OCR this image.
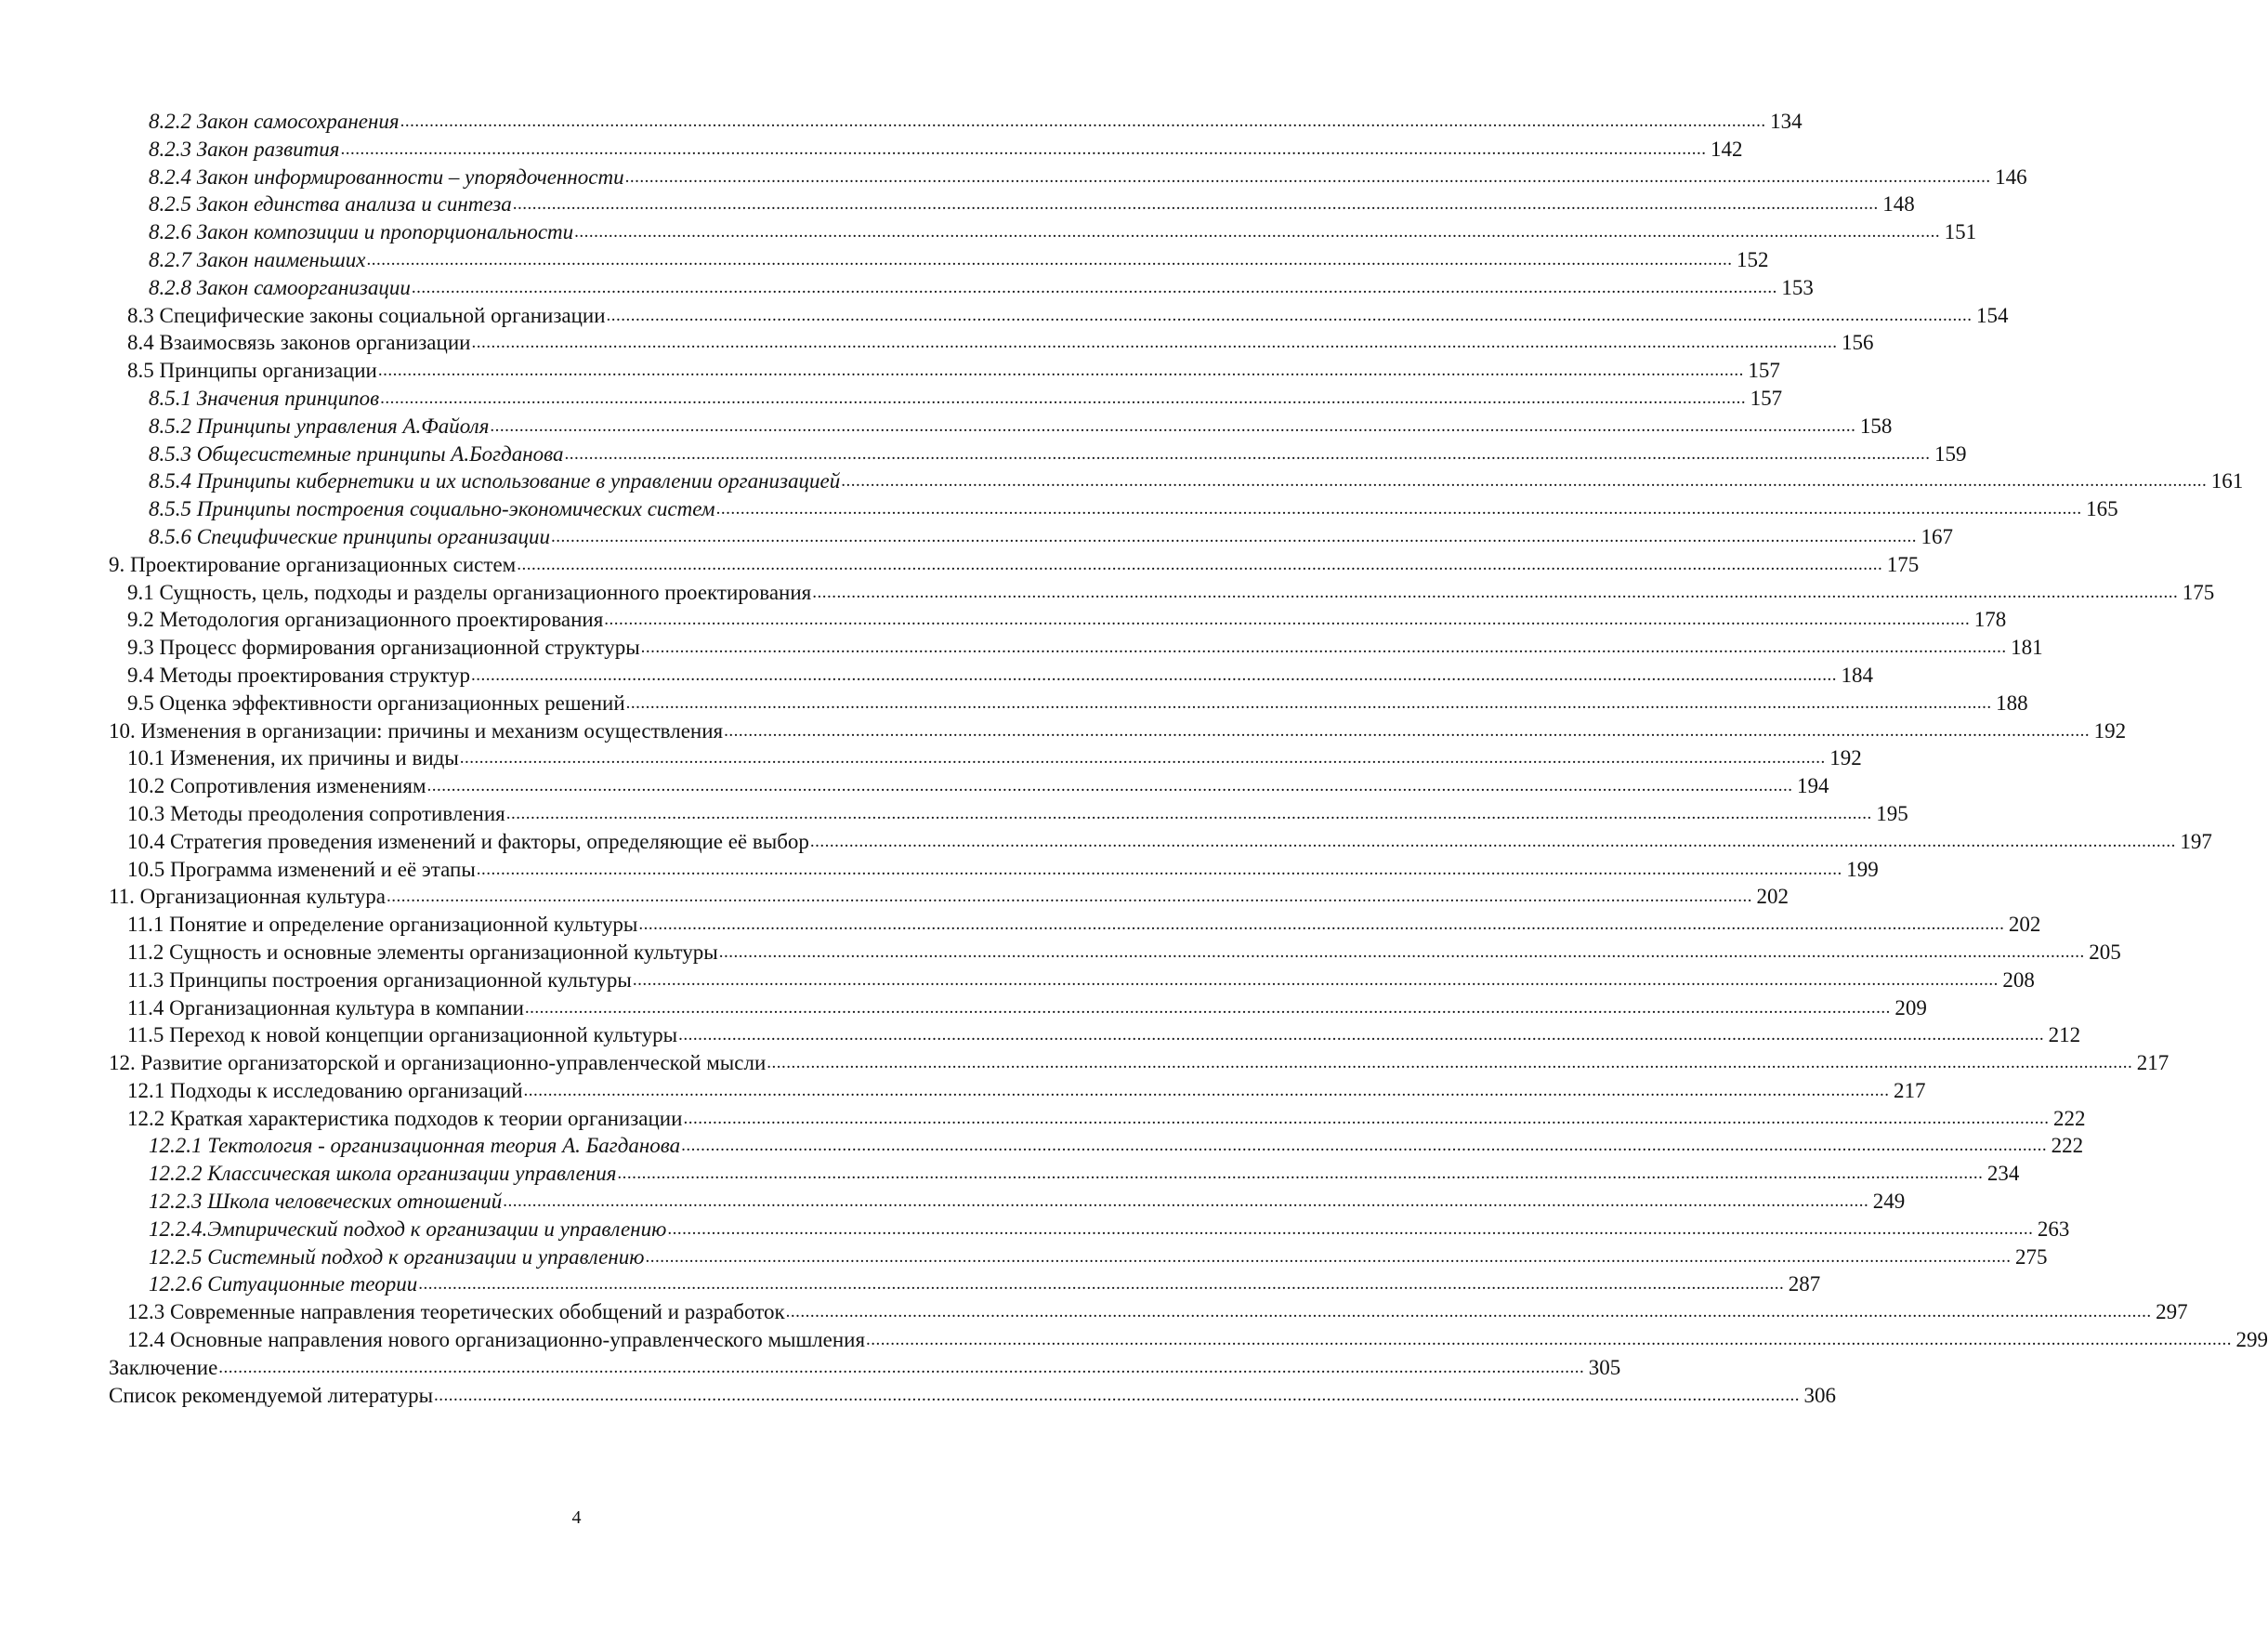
8.2.2 Закон самосохранения .....	134
8.2.3 Закон развития .....	142
8.2.4 Закон информированности – упорядоченности .....	146
8.2.5 Закон единства анализа и синтеза .....	148
8.2.6 Закон композиции и пропорциональности .....	151
8.2.7 Закон наименьших .....	152
8.2.8 Закон самоорганизации .....	153
8.3 Специфические законы социальной организации .....	154
8.4 Взаимосвязь законов организации .....	156
8.5 Принципы организации .....	157
8.5.1 Значения принципов .....	157
8.5.2 Принципы управления А.Файоля .....	158
8.5.3 Общесистемные принципы А.Богданова .....	159
8.5.4 Принципы кибернетики и их использование в управлении организацией .....	161
8.5.5 Принципы построения социально-экономических систем .....	165
8.5.6 Специфические принципы организации .....	167
9. Проектирование организационных систем .....	175
9.1 Сущность, цель, подходы и разделы организационного проектирования .....	175
9.2 Методология организационного проектирования .....	178
9.3 Процесс формирования организационной структуры .....	181
9.4 Методы проектирования структур .....	184
9.5 Оценка эффективности организационных решений .....	188
10. Изменения в организации: причины и механизм осуществления .....	192
10.1 Изменения, их причины и виды .....	192
10.2 Сопротивления изменениям .....	194
10.3 Методы преодоления сопротивления .....	195
10.4 Стратегия проведения изменений и факторы, определяющие её выбор .....	197
10.5 Программа изменений и её этапы .....	199
11. Организационная культура .....	202
11.1 Понятие и определение организационной культуры .....	202
11.2 Сущность и основные элементы организационной культуры .....	205
11.3 Принципы построения организационной культуры .....	208
11.4 Организационная культура в компании .....	209
11.5 Переход к новой концепции организационной культуры .....	212
12. Развитие организаторской и организационно-управленческой мысли .....	217
12.1 Подходы к исследованию организаций .....	217
12.2 Краткая характеристика подходов к теории организации .....	222
12.2.1 Тектология - организационная теория А. Багданова .....	222
12.2.2 Классическая школа организации управления .....	234
12.2.3 Школа человеческих отношений .....	249
12.2.4.Эмпирический подход к организации и управлению .....	263
12.2.5 Системный подход к организации и управлению .....	275
12.2.6 Ситуационные теории .....	287
12.3 Современные направления теоретических обобщений и разработок .....	297
12.4 Основные направления нового организационно-управленческого мышления .....	299
Заключение .....	305
Список рекомендуемой литературы .....	306
4
